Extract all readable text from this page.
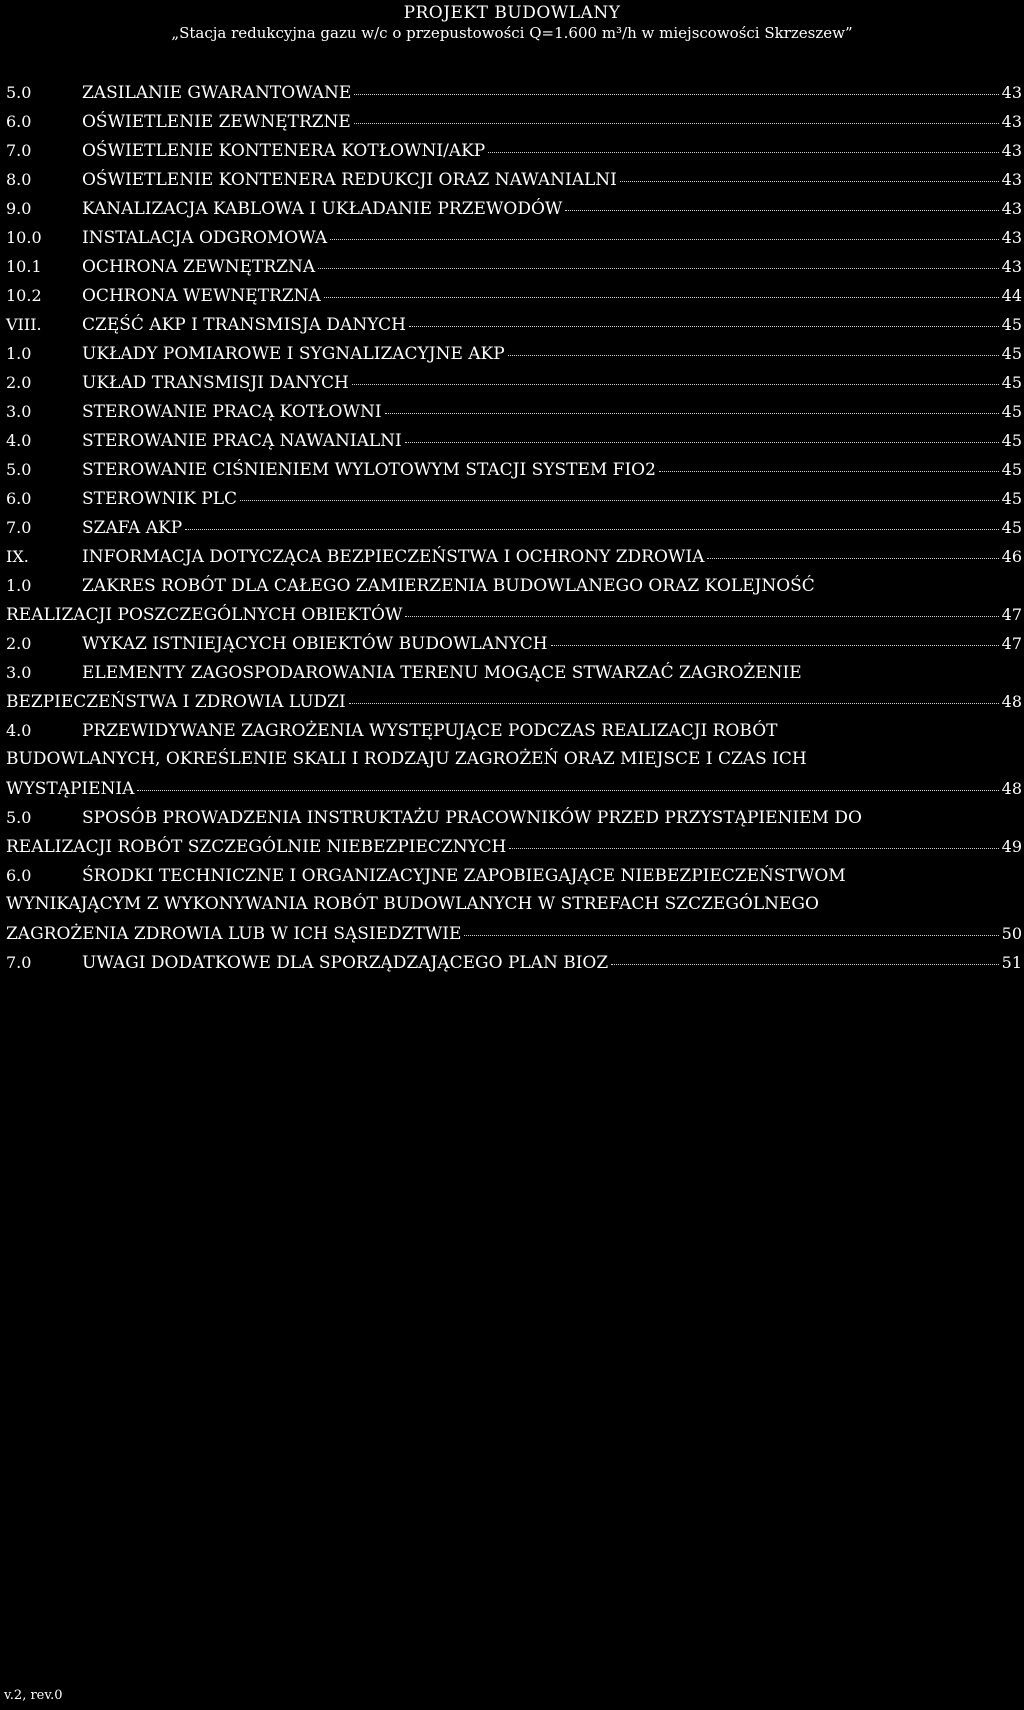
PROJEKT BUDOWLANY
„Stacja redukcyjna gazu w/c o przepustowości Q=1.600 m³/h w miejscowości Skrzeszew”
5.0	ZASILANIE GWARANTOWANE	43
6.0	OŚWIETLENIE ZEWNĘTRZNE	43
7.0	OŚWIETLENIE KONTENERA KOTŁOWNI/AKP	43
8.0	OŚWIETLENIE KONTENERA REDUKCJI ORAZ NAWANIALNI	43
9.0	KANALIZACJA KABLOWA I UKŁADANIE PRZEWODÓW	43
10.0	INSTALACJA ODGROMOWA	43
10.1	OCHRONA ZEWNĘTRZNA	43
10.2	OCHRONA WEWNĘTRZNA	44
VIII.	CZĘŚĆ AKP I TRANSMISJA DANYCH	45
1.0	UKŁADY POMIAROWE I SYGNALIZACYJNE AKP	45
2.0	UKŁAD TRANSMISJI DANYCH	45
3.0	STEROWANIE PRACĄ KOTŁOWNI	45
4.0	STEROWANIE PRACĄ NAWANIALNI	45
5.0	STEROWANIE CIŚNIENIEM WYLOTOWYM STACJI SYSTEM FIO2	45
6.0	STEROWNIK PLC	45
7.0	SZAFA AKP	45
IX.	INFORMACJA DOTYCZĄCA BEZPIECZEŃSTWA I OCHRONY ZDROWIA	46
1.0	ZAKRES ROBÓT DLA CAŁEGO ZAMIERZENIA BUDOWLANEGO ORAZ KOLEJNOŚĆ
REALIZACJI POSZCZEGÓLNYCH OBIEKTÓW	47
2.0	WYKAZ ISTNIEJĄCYCH OBIEKTÓW BUDOWLANYCH	47
3.0	ELEMENTY ZAGOSPODAROWANIA TERENU MOGĄCE STWARZAĆ ZAGROŻENIE
BEZPIECZEŃSTWA I ZDROWIA LUDZI	48
4.0	PRZEWIDYWANE ZAGROŻENIA WYSTĘPUJĄCE PODCZAS REALIZACJI ROBÓT
BUDOWLANYCH, OKREŚLENIE SKALI I RODZAJU ZAGROŻEŃ ORAZ MIEJSCE I CZAS ICH
WYSTĄPIENIA	48
5.0	SPOSÓB PROWADZENIA INSTRUKTAŻU PRACOWNIKÓW PRZED PRZYSTĄPIENIEM DO
REALIZACJI ROBÓT SZCZEGÓLNIE NIEBEZPIECZNYCH	49
6.0	ŚRODKI TECHNICZNE I ORGANIZACYJNE ZAPOBIEGAJĄCE NIEBEZPIECZEŃSTWOM
WYNIKAJĄCYM Z WYKONYWANIA ROBÓT BUDOWLANYCH W STREFACH SZCZEGÓLNEGO
ZAGROŻENIA ZDROWIA LUB W ICH SĄSIEDZTWIE	50
7.0	UWAGI DODATKOWE DLA SPORZĄDZAJĄCEGO PLAN BIOZ	51
v.2, rev.0
